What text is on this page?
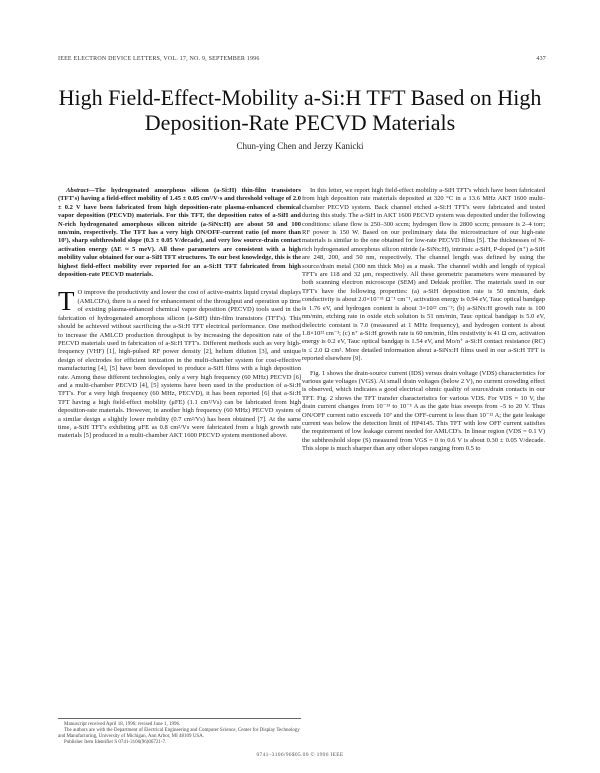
IEEE ELECTRON DEVICE LETTERS, VOL. 17, NO. 9, SEPTEMBER 1996	437
High Field-Effect-Mobility a-Si:H TFT Based on High Deposition-Rate PECVD Materials
Chun-ying Chen and Jerzy Kanicki

Abstract—The hydrogenated amorphous silicon (a-Si:H) thin-film transistors (TFT's) having a field-effect mobility of 1.45 ± 0.05 cm²/V·s and threshold voltage of 2.0 ± 0.2 V have been fabricated from high deposition-rate plasma-enhanced chemical vapor deposition (PECVD) materials. For this TFT, the deposition rates of a-SiH and N-rich hydrogenated amorphous silicon nitride (a-SiNx:H) are about 50 and 100 nm/min, respectively. The TFT has a very high ON/OFF-current ratio (of more than 10⁷), sharp subthreshold slope (0.3 ± 0.05 V/decade), and very low source-drain contact activation energy (ΔE ≈ 5 meV). All these parameters are consistent with a high mobility value obtained for our a-SiH TFT structures. To our best knowledge, this is the highest field-effect mobility ever reported for an a-Si:H TFT fabricated from high deposition-rate PECVD materials.

T O improve the productivity and lower the cost of active-matrix liquid crystal displays (AMLCD's), there is a need for enhancement of the throughput and operation up time of existing plasma-enhanced chemical vapor deposition (PECVD) tools used in the fabrication of hydrogenated amorphous silicon (a-SiH) thin-film transistors (TFT's). This should be achieved without sacrificing the a-Si:H TFT electrical performance. One method to increase the AMLCD production throughput is by increasing the deposition rate of the PECVD materials used in fabrication of a-Si:H TFT's. Different methods such as very high-frequency (VHF) [1], high-pulsed RF power density [2], helium dilution [3], and unique design of electrodes for efficient ionization in the multi-chamber system for cost-effective manufacturing [4], [5] have been developed to produce a-SiH films with a high deposition rate. Among these different technologies, only a very high frequency (60 MHz) PECVD [6] and a multi-chamber PECVD [4], [5] systems have been used in the production of a-Si:H TFT's. For a very high frequency (60 MHz, PECVD), it has been reported [6] that a-Si:H TFT having a high field-effect mobility (μFE) (1.1 cm²/Vs) can be fabricated from high deposition-rate materials. However, in another high frequency (60 MHz) PECVD system of a similar design a slightly lower mobility (0.7 cm²/Vs) has been obtained [7]. At the same time, a-SiH TFT's exhibiting μFE as 0.8 cm²/Vs were fabricated from a high growth rate materials [5] produced in a multi-chamber AKT 1600 PECVD system mentioned above.

Manuscript received April 18, 1996; revised June 1, 1996.

The authors are with the Department of Electrical Engineering and Computer Science, Center for Display Technology and Manufacturing, University of Michigan, Ann Arbor, MI 48109 USA.

Publisher Item Identifier S 0741-3106(96)06721-7.

In this letter, we report high field-effect mobility a-SiH TFT's which have been fabricated from high deposition rate materials deposited at 320 °C in a 13.6 MHz AKT 1600 multi-chamber PECVD system. Back channel etched a-Si:H TFT's were fabricated and tested during this study. The a-SiH in AKT 1600 PECVD system was deposited under the following conditions: silane flow is 250–300 sccm; hydrogen flow is 2800 sccm; pressure is 2–4 torr; RF power is 150 W. Based on our preliminary data the microstructure of our high-rate materials is similar to the one obtained for low-rate PECVD films [5]. The thicknesses of N-rich hydrogenated amorphous silicon nitride (a-SiNx:H), intrinsic a-SiH, P-doped (n⁺) a-SiH are 248, 200, and 50 nm, respectively. The channel length was defined by using the source/drain metal (300 nm thick Mo) as a mask. The channel width and length of typical TFT's are 118 and 32 μm, respectively. All these geometric parameters were measured by both scanning electron microscope (SEM) and Dektak profiler. The materials used in our TFT's have the following properties: (a) a-SiH deposition rate is 50 nm/min, dark conductivity is about 2.0×10⁻¹¹ Ω⁻¹ cm⁻¹, activation energy is 0.94 eV, Tauc optical bandgap is 1.76 eV, and hydrogen content is about 3×10²² cm⁻³; (b) a-SiNx:H growth rate is 100 nm/min, etching rate in oxide etch solution is 51 nm/min, Tauc optical bandgap is 5.0 eV, dielectric constant is 7.0 (measured at 1 MHz frequency), and hydrogen content is about 1.8×10²² cm⁻³; (c) n⁺ a-Si:H growth rate is 60 nm/min, film resistivity is 41 Ω cm, activation energy is 0.2 eV, Tauc optical bandgap is 1.54 eV, and Mo/n⁺ a-Si:H contact resistance (RC) is ≤ 2.0 Ω cm². More detailed information about a-SiNx:H films used in our a-Si:H TFT is reported elsewhere [9].

Fig. 1 shows the drain-source current (IDS) versus drain voltage (VDS) characteristics for various gate voltages (VGS). At small drain voltages (below 2 V), no current crowding effect is observed, which indicates a good electrical ohmic quality of source/drain contacts in our TFT. Fig. 2 shows the TFT transfer characteristics for various VDS. For VDS = 10 V, the drain current changes from 10⁻¹³ to 10⁻⁵ A as the gate bias sweeps from –5 to 20 V. Thus ON/OFF current ratio exceeds 10⁷ and the OFF-current is less than 10⁻¹² A; the gate leakage current was below the detection limit of HP4145. This TFT with low OFF current satisfies the requirement of low leakage current needed for AMLCD's. In linear region (VDS = 0.1 V) the subthreshold slope (S) measured from VGS = 0 to 0.6 V is about 0.30 ± 0.05 V/decade. This slope is much sharper than any other slopes ranging from 0.5 to

0741–3106/96$05.00 © 1996 IEEE
